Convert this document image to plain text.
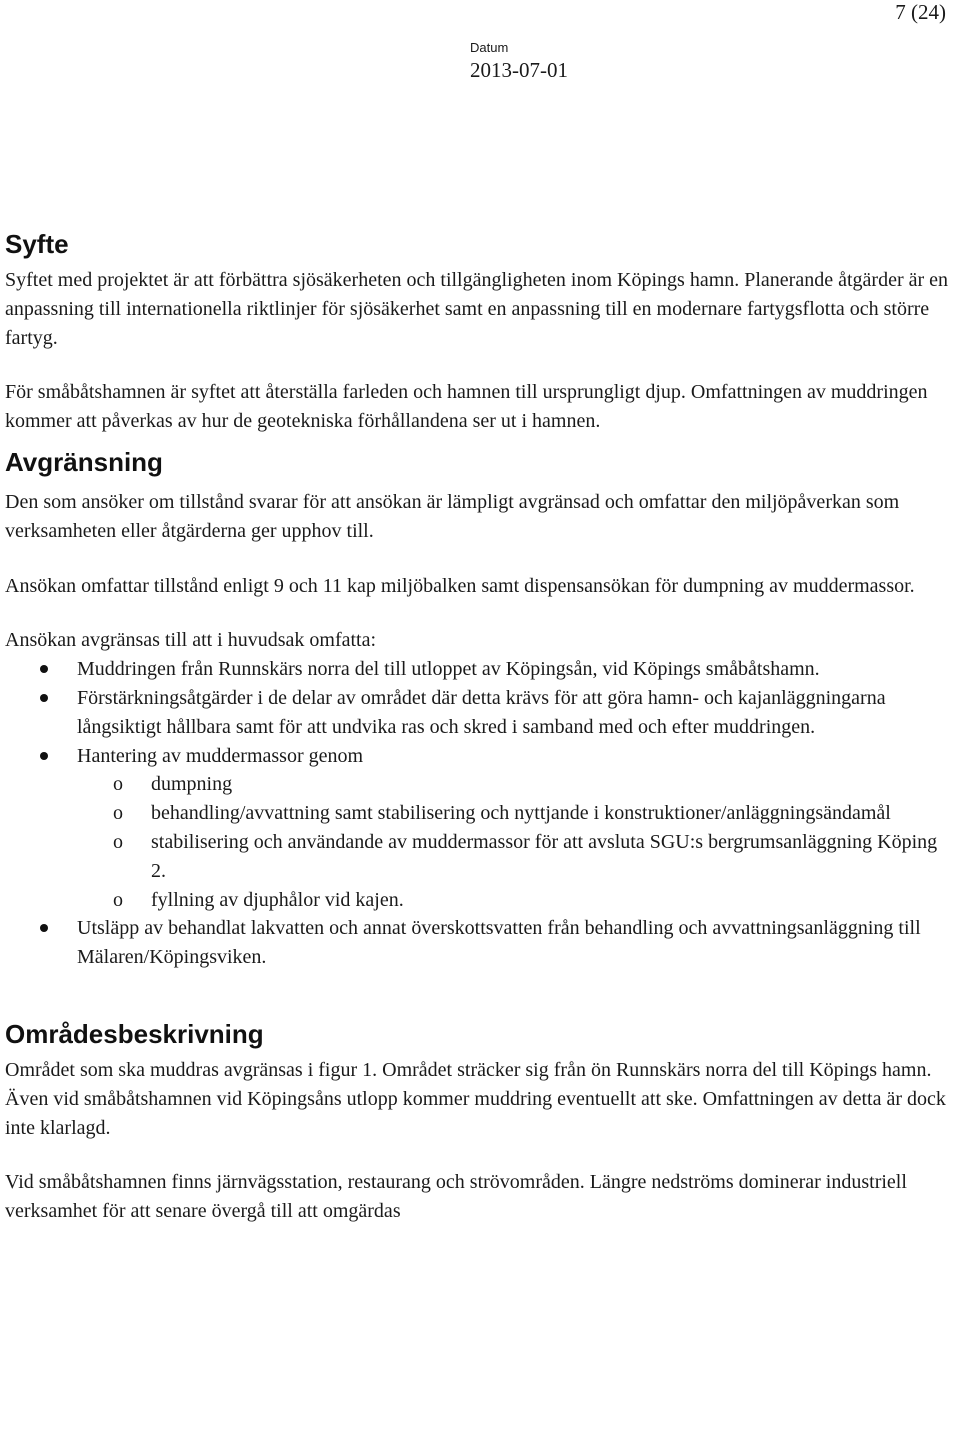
7 (24)
Datum
2013-07-01
Syfte

Syftet med projektet är att förbättra sjösäkerheten och tillgängligheten inom Köpings hamn. Planerande åtgärder är en anpassning till internationella riktlinjer för sjösäkerhet samt en anpassning till en modernare fartygsflotta och större fartyg.

För småbåtshamnen är syftet att återställa farleden och hamnen till ursprungligt djup. Omfattningen av muddringen kommer att påverkas av hur de geotekniska förhållandena ser ut i hamnen.

Avgränsning

Den som ansöker om tillstånd svarar för att ansökan är lämpligt avgränsad och omfattar den miljöpåverkan som verksamheten eller åtgärderna ger upphov till.

Ansökan omfattar tillstånd enligt 9 och 11 kap miljöbalken samt dispensansökan för dumpning av muddermassor.

Ansökan avgränsas till att i huvudsak omfatta:

Muddringen från Runnskärs norra del till utloppet av Köpingsån, vid Köpings småbåtshamn.
Förstärkningsåtgärder i de delar av området där detta krävs för att göra hamn- och kajanläggningarna långsiktigt hållbara samt för att undvika ras och skred i samband med och efter muddringen.
Hantering av muddermassor genom
o dumpning
o behandling/avvattning samt stabilisering och nyttjande i konstruktioner/anläggningsändamål
o stabilisering och användande av muddermassor för att avsluta SGU:s bergrumsanläggning Köping 2.
o fyllning av djuphålor vid kajen.
Utsläpp av behandlat lakvatten och annat överskottsvatten från behandling och avvattningsanläggning till Mälaren/Köpingsviken.
Områdesbeskrivning

Området som ska muddras avgränsas i figur 1. Området sträcker sig från ön Runnskärs norra del till Köpings hamn. Även vid småbåtshamnen vid Köpingsåns utlopp kommer muddring eventuellt att ske. Omfattningen av detta är dock inte klarlagd.

Vid småbåtshamnen finns järnvägsstation, restaurang och strövområden. Längre nedströms dominerar industriell verksamhet för att senare övergå till att omgärdas
